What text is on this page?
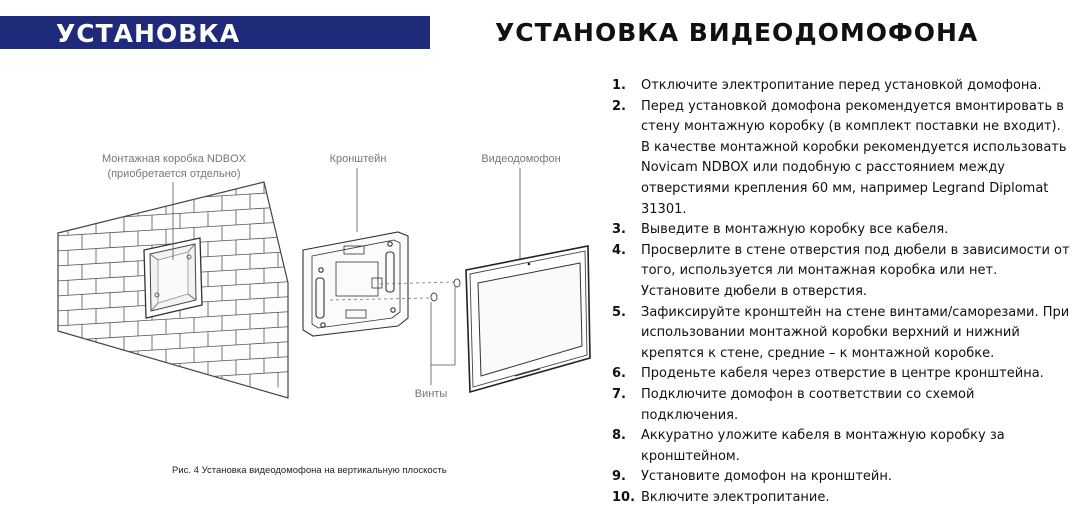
УСТАНОВКА	УСТАНОВКА ВИДЕОДОМОФОНА
Монтажная коробка NDBOX
(приобретается отдельно)
Кронштейн	Видеодомофон
Винты
Рис. 4 Установка видеодомофона на вертикальную плоскость
1. Отключите электропитание перед установкой домофона.
2. Перед установкой домофона рекомендуется вмонтировать в стену монтажную коробку (в комплект поставки не входит). В качестве монтажной коробки рекомендуется использовать Novicam NDBOX или подобную с расстоянием между отверстиями крепления 60 мм, например Legrand Diplomat 31301.
3. Выведите в монтажную коробку все кабеля.
4. Просверлите в стене отверстия под дюбели в зависимости от того, используется ли монтажная коробка или нет. Установите дюбели в отверстия.
5. Зафиксируйте кронштейн на стене винтами/саморезами. При использовании монтажной коробки верхний и нижний крепятся к стене, средние – к монтажной коробке.
6. Проденьте кабеля через отверстие в центре кронштейна.
7. Подключите домофон в соответствии со схемой подключения.
8. Аккуратно уложите кабеля в монтажную коробку за кронштейном.
9. Установите домофон на кронштейн.
10. Включите электропитание.
